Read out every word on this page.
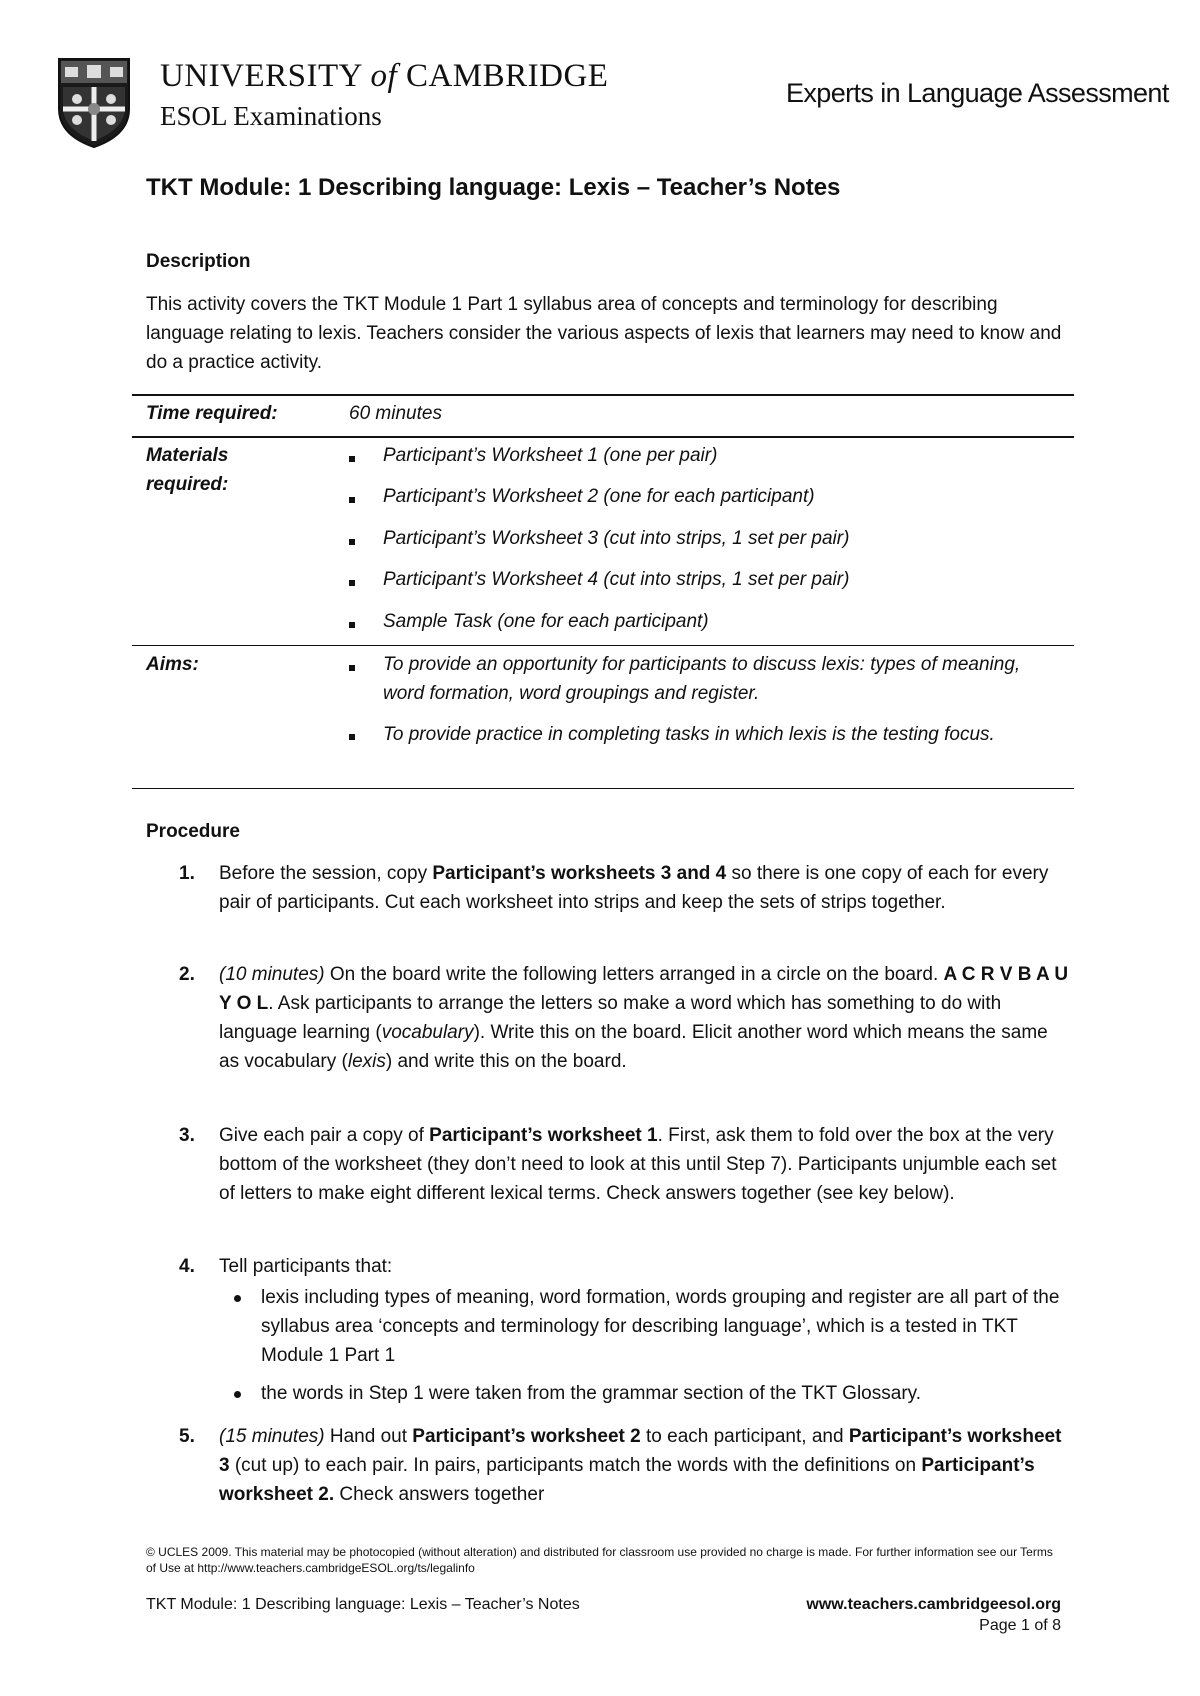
UNIVERSITY of CAMBRIDGE
ESOL Examinations
Experts in Language Assessment
TKT Module: 1 Describing language: Lexis – Teacher’s Notes
Description
This activity covers the TKT Module 1 Part 1 syllabus area of concepts and terminology for describing language relating to lexis. Teachers consider the various aspects of lexis that learners may need to know and do a practice activity.
Time required:	60 minutes
Materials required:
Participant’s Worksheet 1 (one per pair)
Participant’s Worksheet 2 (one for each participant)
Participant’s Worksheet 3 (cut into strips, 1 set per pair)
Participant’s Worksheet 4 (cut into strips, 1 set per pair)
Sample Task (one for each participant)
Aims:	To provide an opportunity for participants to discuss lexis: types of meaning, word formation, word groupings and register.
To provide practice in completing tasks in which lexis is the testing focus.
Procedure
1. Before the session, copy Participant’s worksheets 3 and 4 so there is one copy of each for every pair of participants. Cut each worksheet into strips and keep the sets of strips together.
2. (10 minutes) On the board write the following letters arranged in a circle on the board. A C R V B A U Y O L. Ask participants to arrange the letters so make a word which has something to do with language learning (vocabulary). Write this on the board. Elicit another word which means the same as vocabulary (lexis) and write this on the board.
3. Give each pair a copy of Participant’s worksheet 1. First, ask them to fold over the box at the very bottom of the worksheet (they don’t need to look at this until Step 7). Participants unjumble each set of letters to make eight different lexical terms. Check answers together (see key below).
4. Tell participants that:
lexis including types of meaning, word formation, words grouping and register are all part of the syllabus area ‘concepts and terminology for describing language’, which is a tested in TKT Module 1 Part 1
the words in Step 1 were taken from the grammar section of the TKT Glossary.
5. (15 minutes) Hand out Participant’s worksheet 2 to each participant, and Participant’s worksheet 3 (cut up) to each pair. In pairs, participants match the words with the definitions on Participant’s worksheet 2. Check answers together
© UCLES 2009. This material may be photocopied (without alteration) and distributed for classroom use provided no charge is made. For further information see our Terms of Use at http://www.teachers.cambridgeESOL.org/ts/legalinfo
TKT Module: 1 Describing language: Lexis – Teacher’s Notes	www.teachers.cambridgeesol.org
Page 1 of 8
